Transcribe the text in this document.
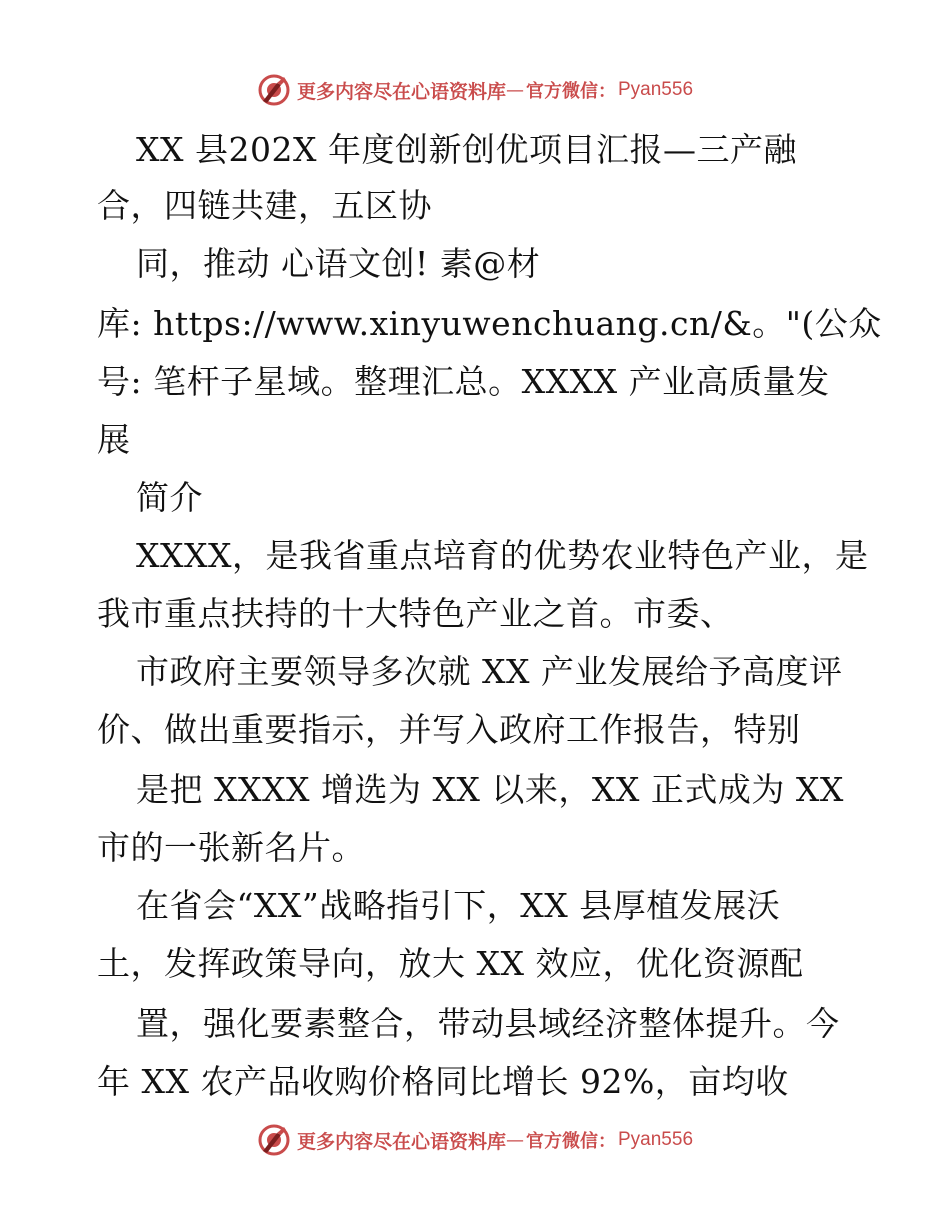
更多内容尽在心语资料库 — 官方微信： Pyan556
XX 县202X 年度创新创优项目汇报—三产融
合，四链共建，五区协
同，推动 心语文创! 素@材
库: https://www.xinyuwenchuang.cn/&。"(公众
号: 笔杆子星域。整理汇总。XXXX 产业高质量发
展
简介
XXXX，是我省重点培育的优势农业特色产业，是
我市重点扶持的十大特色产业之首。市委、
市政府主要领导多次就 XX 产业发展给予高度评
价、做出重要指示，并写入政府工作报告，特别
是把 XXXX 增选为 XX 以来，XX 正式成为 XX
市的一张新名片。
在省会“XX”战略指引下，XX 县厚植发展沃
土，发挥政策导向，放大 XX 效应，优化资源配
置，强化要素整合，带动县域经济整体提升。今
年 XX 农产品收购价格同比增长 92%，亩均收
更多内容尽在心语资料库 — 官方微信： Pyan556
